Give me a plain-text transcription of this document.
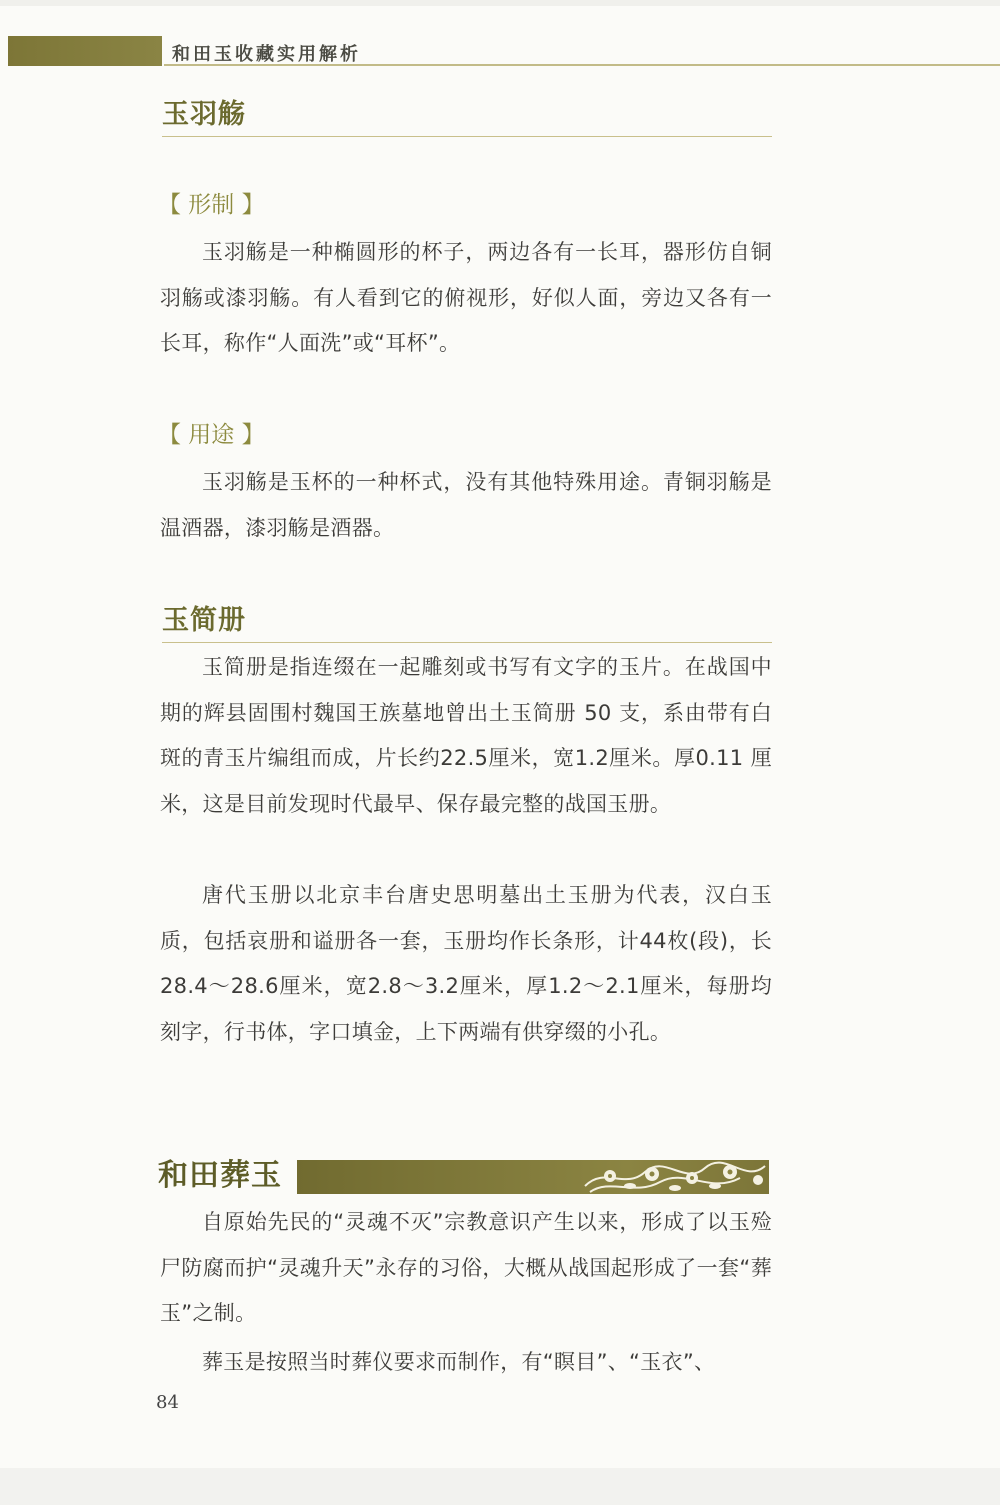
和田玉收藏实用解析
玉羽觞
【 形制 】
玉羽觞是一种椭圆形的杯子，两边各有一长耳，器形仿自铜羽觞或漆羽觞。有人看到它的俯视形，好似人面，旁边又各有一长耳，称作“人面洗”或“耳杯”。
【 用途 】
玉羽觞是玉杯的一种杯式，没有其他特殊用途。青铜羽觞是温酒器，漆羽觞是酒器。
玉简册
玉简册是指连缀在一起雕刻或书写有文字的玉片。在战国中期的辉县固围村魏国王族墓地曾出土玉简册 50 支，系由带有白斑的青玉片编组而成，片长约22.5厘米，宽1.2厘米。厚0.11 厘米，这是目前发现时代最早、保存最完整的战国玉册。
唐代玉册以北京丰台唐史思明墓出土玉册为代表，汉白玉质，包括哀册和谥册各一套，玉册均作长条形，计44枚(段)，长28.4～28.6厘米，宽2.8～3.2厘米，厚1.2～2.1厘米，每册均刻字，行书体，字口填金，上下两端有供穿缀的小孔。
和田葬玉
自原始先民的“灵魂不灭”宗教意识产生以来，形成了以玉殓尸防腐而护“灵魂升天”永存的习俗，大概从战国起形成了一套“葬玉”之制。
葬玉是按照当时葬仪要求而制作，有“瞑目”、“玉衣”、
84
